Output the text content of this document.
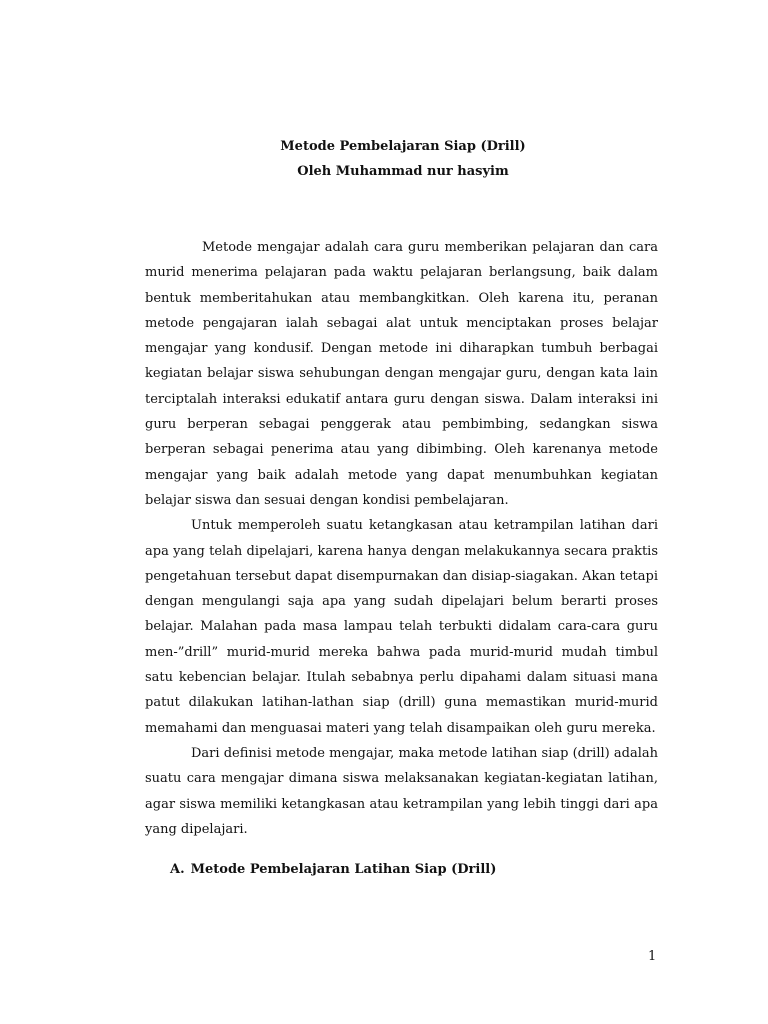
Metode Pembelajaran Siap (Drill)

Oleh Muhammad nur hasyim

Metode mengajar adalah cara guru memberikan pelajaran dan cara murid menerima pelajaran pada waktu pelajaran berlangsung, baik dalam bentuk memberitahukan atau membangkitkan. Oleh karena itu, peranan metode pengajaran ialah sebagai alat untuk menciptakan proses belajar mengajar yang kondusif. Dengan metode ini diharapkan tumbuh berbagai kegiatan belajar siswa sehubungan dengan mengajar guru, dengan kata lain terciptalah interaksi edukatif antara guru dengan siswa. Dalam interaksi ini guru berperan sebagai penggerak atau pembimbing, sedangkan siswa berperan sebagai penerima atau yang dibimbing. Oleh karenanya metode mengajar yang baik adalah metode yang dapat menumbuhkan kegiatan belajar siswa dan sesuai dengan kondisi pembelajaran.

Untuk memperoleh suatu ketangkasan atau ketrampilan latihan dari apa yang telah dipelajari, karena hanya dengan melakukannya secara praktis pengetahuan tersebut dapat disempurnakan dan disiap-siagakan. Akan tetapi dengan mengulangi saja apa yang sudah dipelajari belum berarti proses belajar. Malahan pada masa lampau telah terbukti didalam cara-cara guru men-”drill” murid-murid mereka bahwa pada murid-murid mudah timbul satu kebencian belajar. Itulah sebabnya perlu dipahami dalam situasi mana patut dilakukan latihan-lathan siap (drill) guna memastikan murid-murid memahami dan menguasai materi yang telah disampaikan oleh guru mereka.

Dari definisi metode mengajar, maka metode latihan siap (drill) adalah suatu cara mengajar dimana siswa melaksanakan kegiatan-kegiatan latihan, agar siswa memiliki ketangkasan atau ketrampilan yang lebih tinggi dari apa yang dipelajari.

A. Metode Pembelajaran Latihan Siap (Drill)
1
